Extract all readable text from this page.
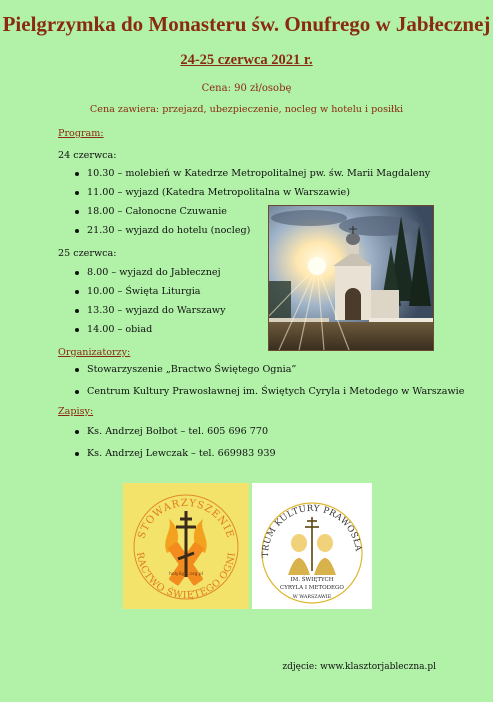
Pielgrzymka do Monasteru św. Onufrego w Jabłecznej
24-25 czerwca 2021 r.
Cena: 90 zł/osobę
Cena zawiera: przejazd, ubezpieczenie, nocleg w hotelu i posiłki
Program:
24 czerwca:
10.30 – molebień w Katedrze Metropolitalnej pw. św. Marii Magdaleny
11.00 – wyjazd (Katedra Metropolitalna w Warszawie)
18.00 – Całonocne Czuwanie
21.30 – wyjazd do hotelu (nocleg)
25 czerwca:
8.00 – wyjazd do Jabłecznej
10.00 – Święta Liturgia
13.30 – wyjazd do Warszawy
14.00 – obiad
Organizatorzy:
Stowarzyszenie „Bractwo Świętego Ognia”
Centrum Kultury Prawosławnej im. Świętych Cyryla i Metodego w Warszawie
Zapisy:
Ks. Andrzej Bołbot – tel. 605 696 770
Ks. Andrzej Lewczak – tel. 669983 939
STOWARZYSZENIE
RACTWO ŚWIĘTEGO OGNI
holylight.org.pl
TRUM KULTURY PRAWOSŁA
IM. ŚWIĘTYCH
CYRYLA I METODEGO
W WARSZAWIE
zdjęcie: www.klasztorjableczna.pl
